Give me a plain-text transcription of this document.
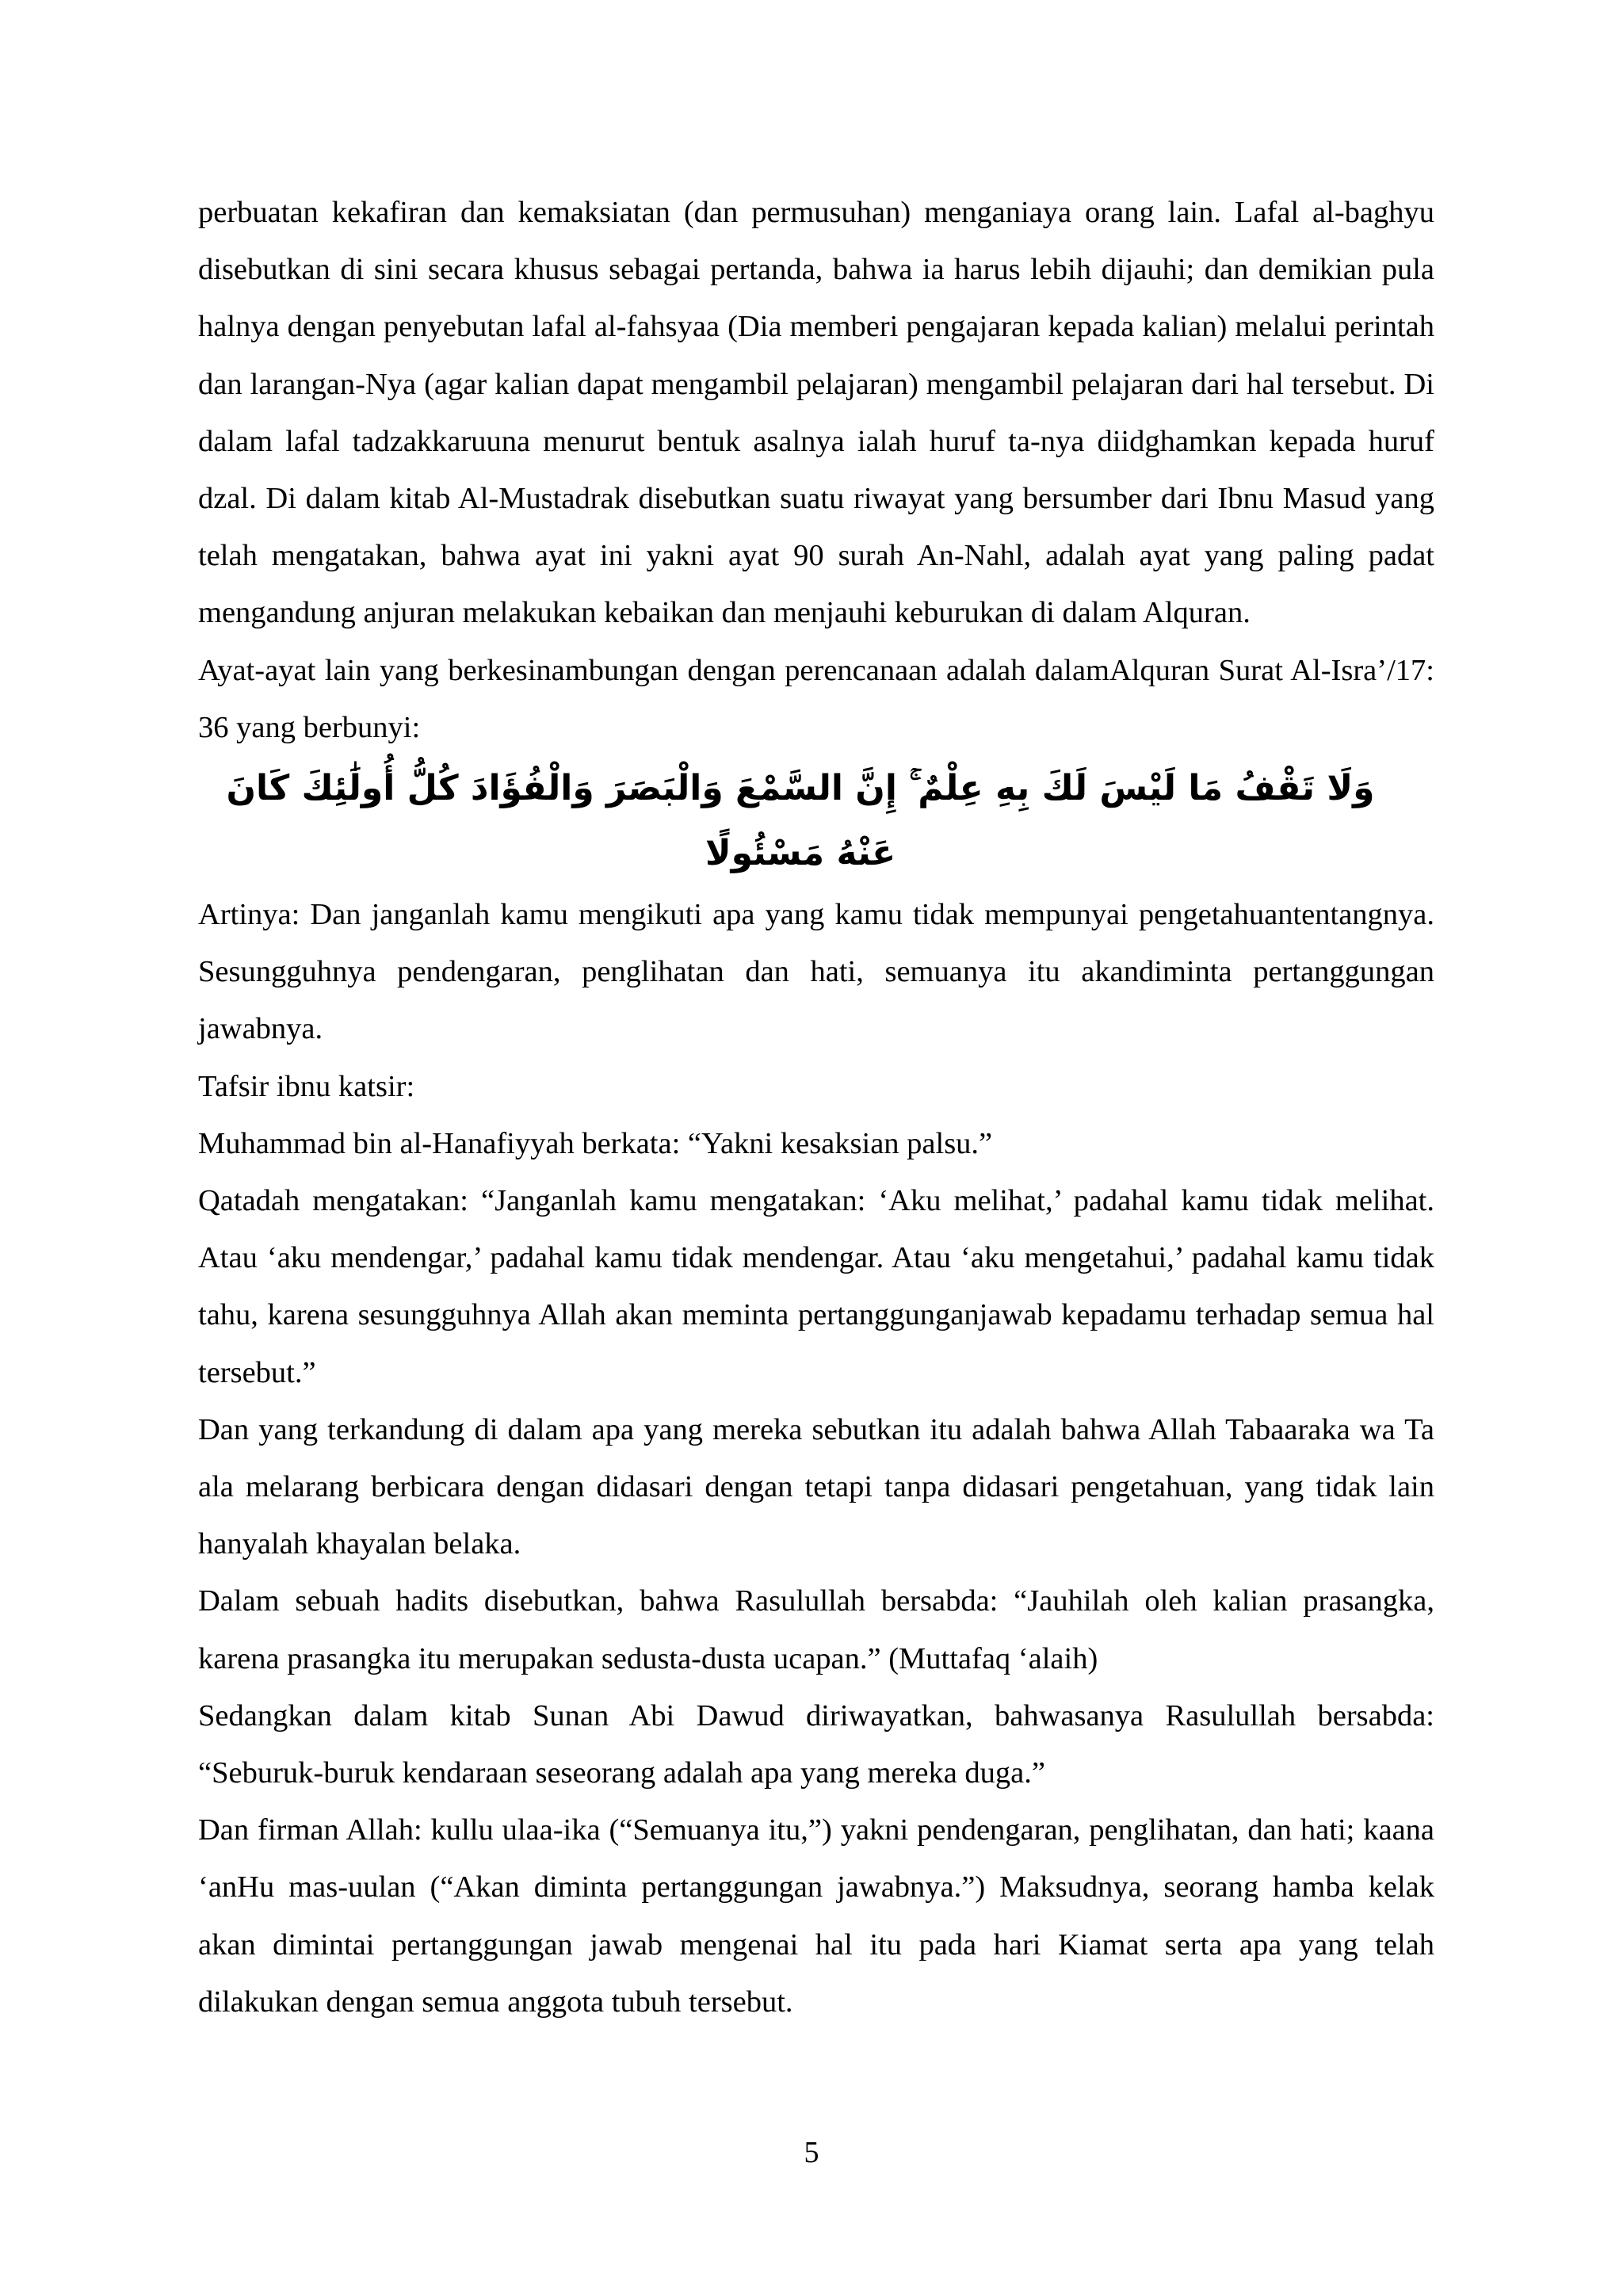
perbuatan kekafiran dan kemaksiatan (dan permusuhan) menganiaya orang lain. Lafal al-baghyu disebutkan di sini secara khusus sebagai pertanda, bahwa ia harus lebih dijauhi; dan demikian pula halnya dengan penyebutan lafal al-fahsyaa (Dia memberi pengajaran kepada kalian) melalui perintah dan larangan-Nya (agar kalian dapat mengambil pelajaran) mengambil pelajaran dari hal tersebut. Di dalam lafal tadzakkaruuna menurut bentuk asalnya ialah huruf ta-nya diidghamkan kepada huruf dzal. Di dalam kitab Al-Mustadrak disebutkan suatu riwayat yang bersumber dari Ibnu Masud yang telah mengatakan, bahwa ayat ini yakni ayat 90 surah An-Nahl, adalah ayat yang paling padat mengandung anjuran melakukan kebaikan dan menjauhi keburukan di dalam Alquran.

Ayat-ayat lain yang berkesinambungan dengan perencanaan adalah dalamAlquran Surat Al-Isra’/17: 36 yang berbunyi:

وَلَا تَقْفُ مَا لَيْسَ لَكَ بِهِ عِلْمٌ ۚ إِنَّ السَّمْعَ وَالْبَصَرَ وَالْفُؤَادَ كُلُّ أُولَٰئِكَ كَانَ عَنْهُ مَسْئُولًا

Artinya: Dan janganlah kamu mengikuti apa yang kamu tidak mempunyai pengetahuantentangnya. Sesungguhnya pendengaran, penglihatan dan hati, semuanya itu akandiminta pertanggungan jawabnya.

Tafsir ibnu katsir:

Muhammad bin al-Hanafiyyah berkata: “Yakni kesaksian palsu.”

Qatadah mengatakan: “Janganlah kamu mengatakan: ‘Aku melihat,’ padahal kamu tidak melihat. Atau ‘aku mendengar,’ padahal kamu tidak mendengar. Atau ‘aku mengetahui,’ padahal kamu tidak tahu, karena sesungguhnya Allah akan meminta pertanggunganjawab kepadamu terhadap semua hal tersebut.”

Dan yang terkandung di dalam apa yang mereka sebutkan itu adalah bahwa Allah Tabaaraka wa Ta ala melarang berbicara dengan didasari dengan tetapi tanpa didasari pengetahuan, yang tidak lain hanyalah khayalan belaka.

Dalam sebuah hadits disebutkan, bahwa Rasulullah bersabda: “Jauhilah oleh kalian prasangka, karena prasangka itu merupakan sedusta-dusta ucapan.” (Muttafaq ‘alaih)

Sedangkan dalam kitab Sunan Abi Dawud diriwayatkan, bahwasanya Rasulullah bersabda: “Seburuk-buruk kendaraan seseorang adalah apa yang mereka duga.”

Dan firman Allah: kullu ulaa-ika (“Semuanya itu,”) yakni pendengaran, penglihatan, dan hati; kaana ‘anHu mas-uulan (“Akan diminta pertanggungan jawabnya.”) Maksudnya, seorang hamba kelak akan dimintai pertanggungan jawab mengenai hal itu pada hari Kiamat serta apa yang telah dilakukan dengan semua anggota tubuh tersebut.

5
